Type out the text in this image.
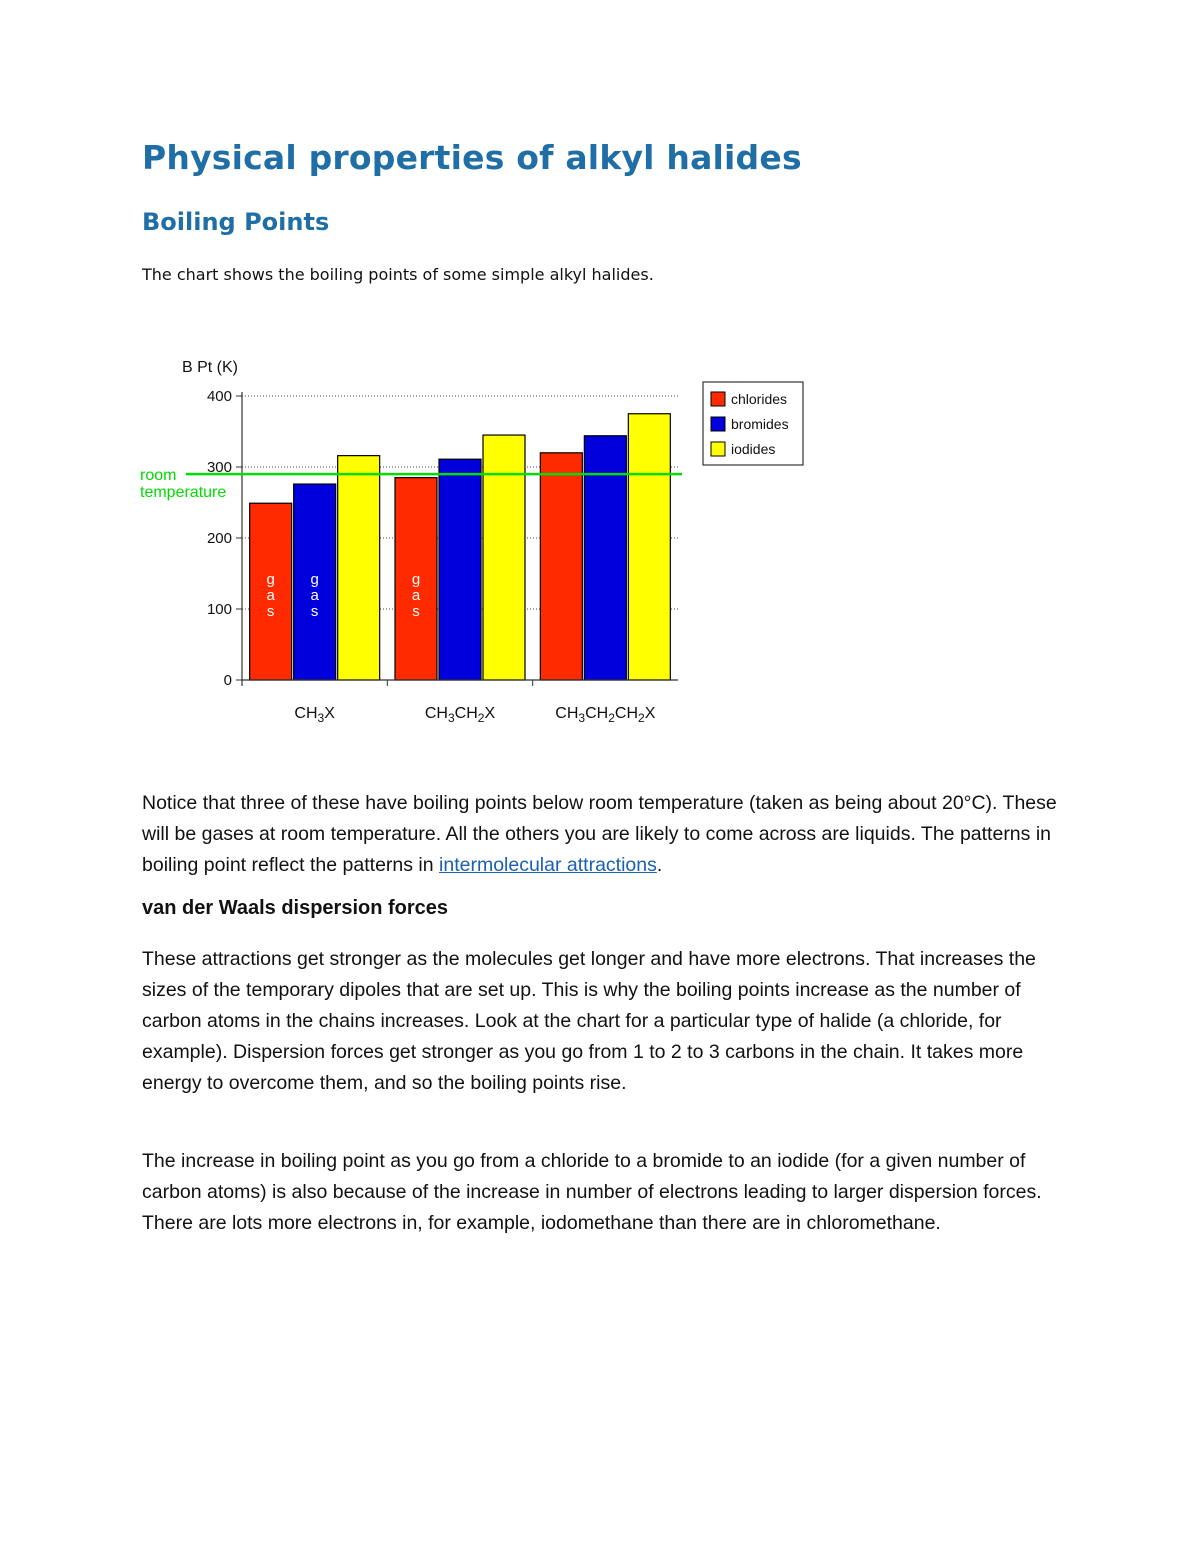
Physical properties of alkyl halides
Boiling Points

The chart shows the boiling points of some simple alkyl halides.

B Pt (K)
0
100
200
300
400
g a s
g a s
g a s
$CH_3X$	$CH_3CH_2X$	$CH_3CH_2CH_2X$
room
temperature
chlorides
bromides
iodides

Notice that three of these have boiling points below room temperature (taken as being about 20°C). These will be gases at room temperature. All the others you are likely to come across are liquids. The patterns in boiling point reflect the patterns in intermolecular attractions.

van der Waals dispersion forces

These attractions get stronger as the molecules get longer and have more electrons. That increases the sizes of the temporary dipoles that are set up. This is why the boiling points increase as the number of carbon atoms in the chains increases. Look at the chart for a particular type of halide (a chloride, for example). Dispersion forces get stronger as you go from 1 to 2 to 3 carbons in the chain. It takes more energy to overcome them, and so the boiling points rise.

The increase in boiling point as you go from a chloride to a bromide to an iodide (for a given number of carbon atoms) is also because of the increase in number of electrons leading to larger dispersion forces. There are lots more electrons in, for example, iodomethane than there are in chloromethane.
